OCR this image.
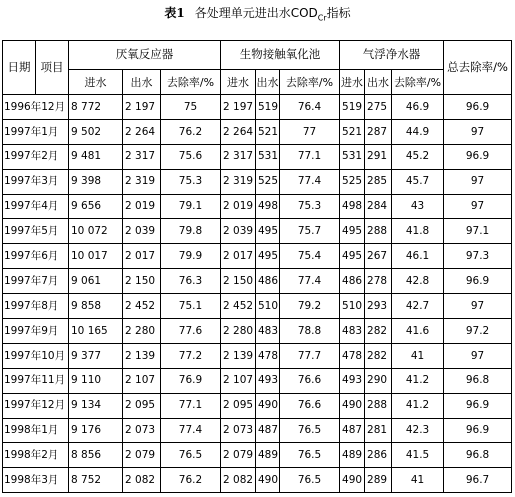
表1 各处理单元进出水$COD_{Cr}$指标
日期	项目	厌氧反应器			生物接触氧化池			气浮净水器			总去除率/%
		进水	出水	去除率/%	进水	出水	去除率/%	进水	出水	去除率/%	
1996年12月		8 772	2 197	75	2 197	519	76.4	519	275	46.9	96.9
1997年1月		9 502	2 264	76.2	2 264	521	77	521	287	44.9	97
1997年2月		9 481	2 317	75.6	2 317	531	77.1	531	291	45.2	96.9
1997年3月		9 398	2 319	75.3	2 319	525	77.4	525	285	45.7	97
1997年4月		9 656	2 019	79.1	2 019	498	75.3	498	284	43	97
1997年5月		10 072	2 039	79.8	2 039	495	75.7	495	288	41.8	97.1
1997年6月		10 017	2 017	79.9	2 017	495	75.4	495	267	46.1	97.3
1997年7月		9 061	2 150	76.3	2 150	486	77.4	486	278	42.8	96.9
1997年8月		9 858	2 452	75.1	2 452	510	79.2	510	293	42.7	97
1997年9月		10 165	2 280	77.6	2 280	483	78.8	483	282	41.6	97.2
1997年10月		9 377	2 139	77.2	2 139	478	77.7	478	282	41	97
1997年11月		9 110	2 107	76.9	2 107	493	76.6	493	290	41.2	96.8
1997年12月		9 134	2 095	77.1	2 095	490	76.6	490	288	41.2	96.9
1998年1月		9 176	2 073	77.4	2 073	487	76.5	487	281	42.3	96.9
1998年2月		8 856	2 079	76.5	2 079	489	76.5	489	286	41.5	96.8
1998年3月		8 752	2 082	76.2	2 082	490	76.5	490	289	41	96.7
